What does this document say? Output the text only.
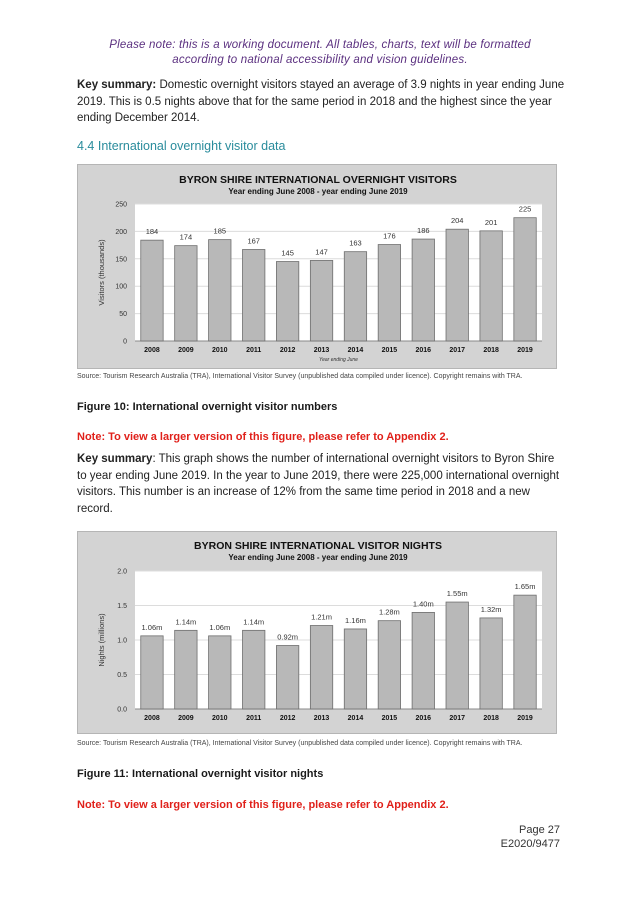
Please note: this is a working document. All tables, charts, text will be formatted
according to national accessibility and vision guidelines.
Key summary: Domestic overnight visitors stayed an average of 3.9 nights in year ending June 2019. This is 0.5 nights above that for the same period in 2018 and the highest since the year ending December 2014.
4.4 International overnight visitor data
BYRON SHIRE INTERNATIONAL OVERNIGHT VISITORS
Year ending June 2008 - year ending June 2019
0
50
100
150
200
250
Visitors (thousands)
184
2008
174
2009
185
2010
167
2011
145
2012
147
2013
163
2014
176
2015
186
2016
204
2017
201
2018
225
2019
Year ending June
Source: Tourism Research Australia (TRA), International Visitor Survey (unpublished data compiled under licence). Copyright remains with TRA.
Figure 10: International overnight visitor numbers
Note: To view a larger version of this figure, please refer to Appendix 2.
Key summary: This graph shows the number of international overnight visitors to Byron Shire to year ending June 2019. In the year to June 2019, there were 225,000 international overnight visitors. This number is an increase of 12% from the same time period in 2018 and a new record.
BYRON SHIRE INTERNATIONAL VISITOR NIGHTS
Year ending June 2008 - year ending June 2019
0.0
0.5
1.0
1.5
2.0
Nights (millions)	1.06m
2008
1.14m
2009
1.06m
2010
1.14m
2011
0.92m
2012
1.21m
2013
1.16m
2014
1.28m
2015
1.40m
2016
1.55m
2017
1.32m
2018
1.65m
2019
Source: Tourism Research Australia (TRA), International Visitor Survey (unpublished data compiled under licence). Copyright remains with TRA.
Figure 11: International overnight visitor nights
Note: To view a larger version of this figure, please refer to Appendix 2.
Page 27
E2020/9477
